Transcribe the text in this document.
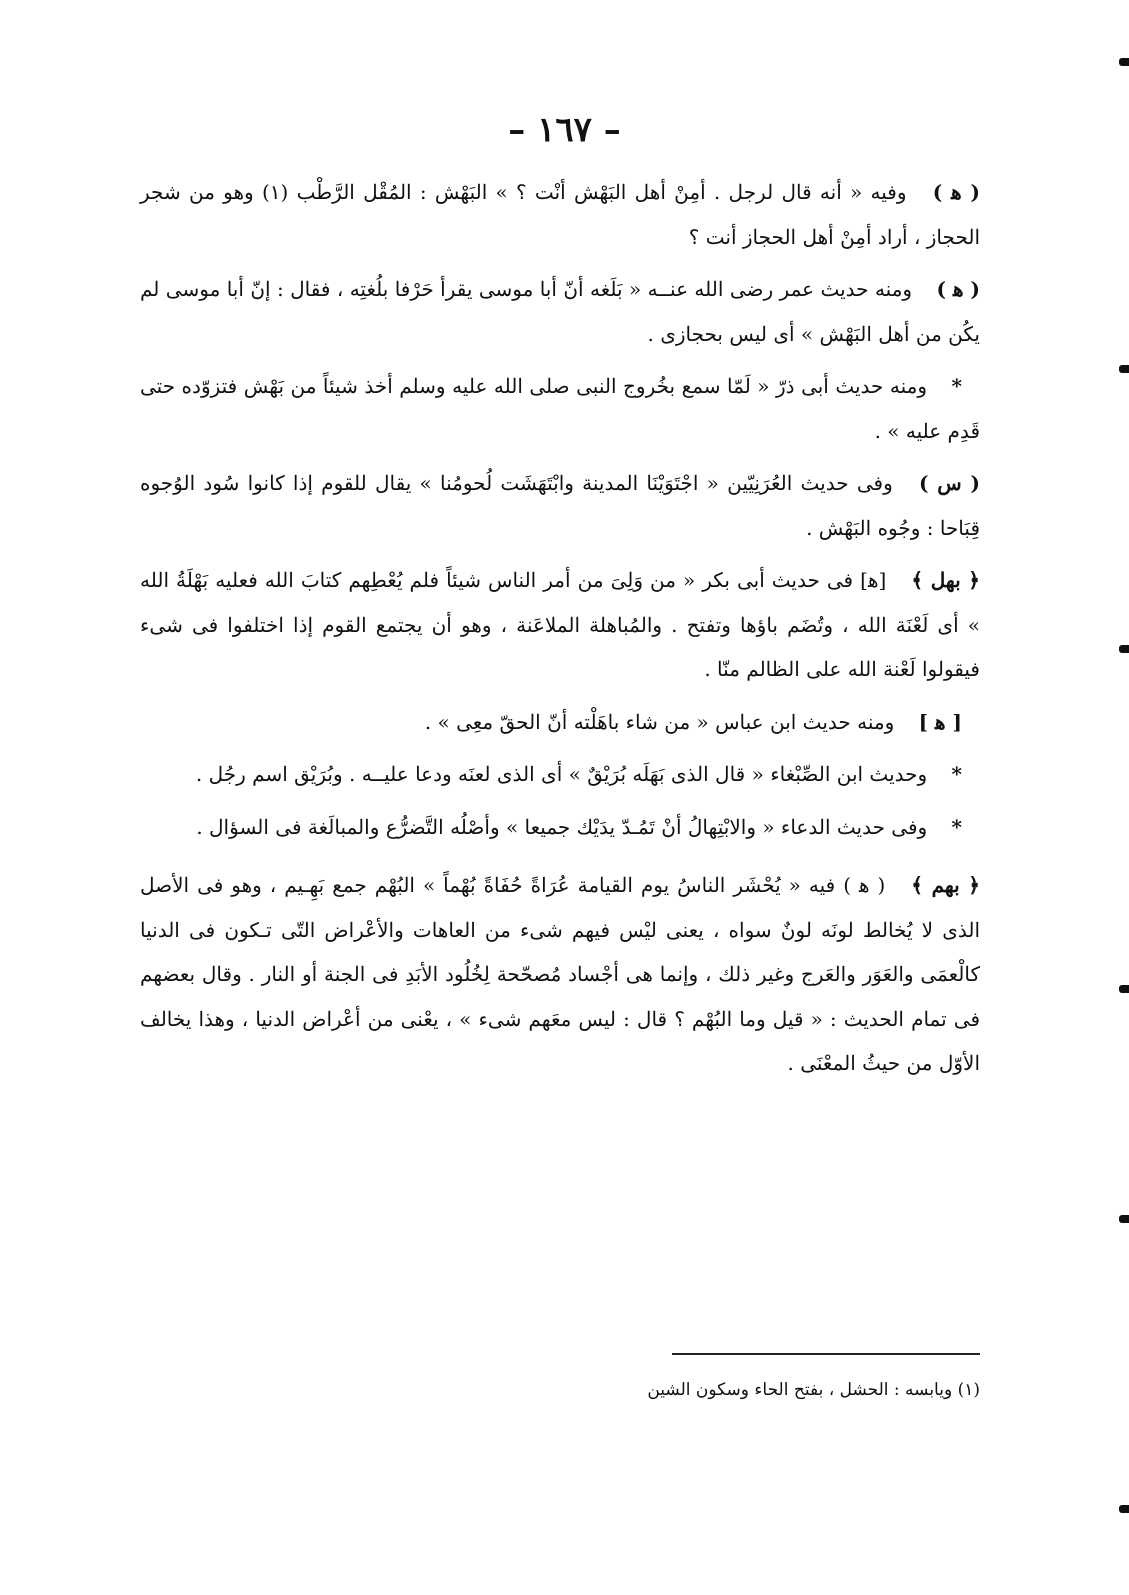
– ١٦٧ –

( ﻫ ) وفيه « أنه قال لرجل . أمِنْ أهل البَهْش أنْت ؟ » البَهْش : المُقْل الرَّطْب (١) وهو من شجر الحجاز ، أراد أمِنْ أهل الحجاز أنت ؟

( ﻫ ) ومنه حديث عمر رضى الله عنــه « بَلَغه أنّ أبا موسى يقرأ حَرْفا بلُغتِه ، فقال : إنّ أبا موسى لم يكُن من أهل البَهْش » أى ليس بحجازى .

* ومنه حديث أبى ذرّ « لَمّا سمع بخُروج النبى صلى الله عليه وسلم أخذ شيئاً من بَهْش فتزوّده حتى قَدِم عليه » .

( س ) وفى حديث العُرَنِيّين « اجْتَوَيْنَا المدينة وابْتَهَشَت لُحومُنا » يقال للقوم إذا كانوا سُود الوُجوه قِبَاحا : وجُوه البَهْش .

﴿ بهل ﴾ [ﻫ] فى حديث أبى بكر « من وَلِىَ من أمر الناس شيئاً فلم يُعْطِهم كتابَ الله فعليه بَهْلَةُ الله » أى لَعْنَة الله ، وتُضَم باؤها وتفتح . والمُباهلة الملاعَنة ، وهو أن يجتمع القوم إذا اختلفوا فى شىء فيقولوا لَعْنة الله على الظالم منّا .

[ ﻫ ] ومنه حديث ابن عباس « من شاء باهَلْته أنّ الحقّ معِى » .

* وحديث ابن الصِّبْغاء « قال الذى بَهَلَه بُرَيْقٌ » أى الذى لعنَه ودعا عليــه . وبُرَيْق اسم رجُل .

* وفى حديث الدعاء « والابْتِهالُ أنْ تَمُـدّ يدَيْك جميعا » وأصْلُه التَّضرُّع والمبالَغة فى السؤال .

﴿ بهم ﴾ ( ﻫ ) فيه « يُحْشَر الناسُ يوم القيامة عُرَاةً حُفَاةً بُهْماً » البُهْم جمع بَهِـيم ، وهو فى الأصل الذى لا يُخالط لونَه لونٌ سواه ، يعنى ليْس فيهم شىء من العاهات والأعْراض التّى تـكون فى الدنيا كالْعمَى والعَوَر والعَرج وغير ذلك ، وإنما هى أجْساد مُصحّحة لِخُلُود الأبَدِ فى الجنة أو النار . وقال بعضهم فى تمام الحديث : « قيل وما البُهْم ؟ قال : ليس معَهم شىء » ، يعْنى من أعْراض الدنيا ، وهذا يخالف الأوّل من حيثُ المعْنَى .

(١) ويابسه : الحشل ، بفتح الحاء وسكون الشين
